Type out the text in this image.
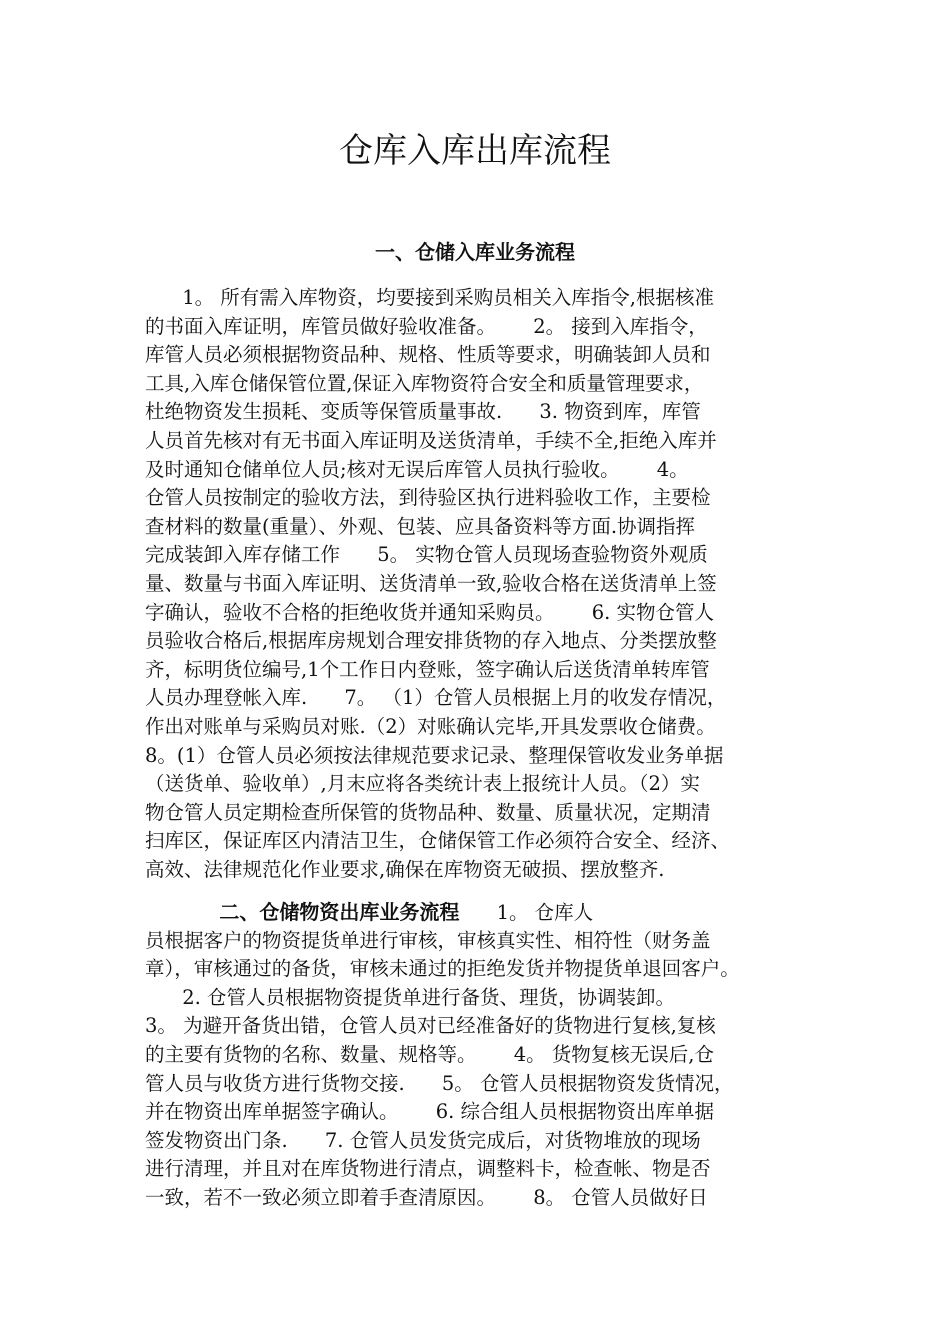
仓库入库出库流程
一、仓储入库业务流程
1。 所有需入库物资，均要接到采购员相关入库指令,根据核准
的书面入库证明，库管员做好验收准备。      2。 接到入库指令，
库管人员必须根据物资品种、规格、性质等要求，明确装卸人员和
工具,入库仓储保管位置,保证入库物资符合安全和质量管理要求，
杜绝物资发生损耗、变质等保管质量事故.      3. 物资到库，库管
人员首先核对有无书面入库证明及送货清单，手续不全,拒绝入库并
及时通知仓储单位人员;核对无误后库管人员执行验收。      4。
仓管人员按制定的验收方法，到待验区执行进料验收工作，主要检
查材料的数量(重量）、外观、包装、应具备资料等方面.协调指挥
完成装卸入库存储工作      5。 实物仓管人员现场查验物资外观质
量、数量与书面入库证明、送货清单一致,验收合格在送货清单上签
字确认，验收不合格的拒绝收货并通知采购员。      6. 实物仓管人
员验收合格后,根据库房规划合理安排货物的存入地点、分类摆放整
齐，标明货位编号,1个工作日内登账，签字确认后送货清单转库管
人员办理登帐入库.      7。 （1）仓管人员根据上月的收发存情况，
作出对账单与采购员对账.（2）对账确认完毕,开具发票收仓储费。
8。(1）仓管人员必须按法律规范要求记录、整理保管收发业务单据
（送货单、验收单）,月末应将各类统计表上报统计人员。（2）实
物仓管人员定期检查所保管的货物品种、数量、质量状况，定期清
扫库区，保证库区内清洁卫生，仓储保管工作必须符合安全、经济、
高效、法律规范化作业要求,确保在库物资无破损、摆放整齐.
二、仓储物资出库业务流程      1。 仓库人
员根据客户的物资提货单进行审核，审核真实性、相符性（财务盖
章），审核通过的备货，审核未通过的拒绝发货并物提货单退回客户。
2. 仓管人员根据物资提货单进行备货、理货，协调装卸。
3。 为避开备货出错，仓管人员对已经准备好的货物进行复核,复核
的主要有货物的名称、数量、规格等。      4。 货物复核无误后,仓
管人员与收货方进行货物交接.      5。 仓管人员根据物资发货情况，
并在物资出库单据签字确认。      6. 综合组人员根据物资出库单据
签发物资出门条.      7. 仓管人员发货完成后，对货物堆放的现场
进行清理，并且对在库货物进行清点，调整料卡，检查帐、物是否
一致，若不一致必须立即着手查清原因。      8。 仓管人员做好日
